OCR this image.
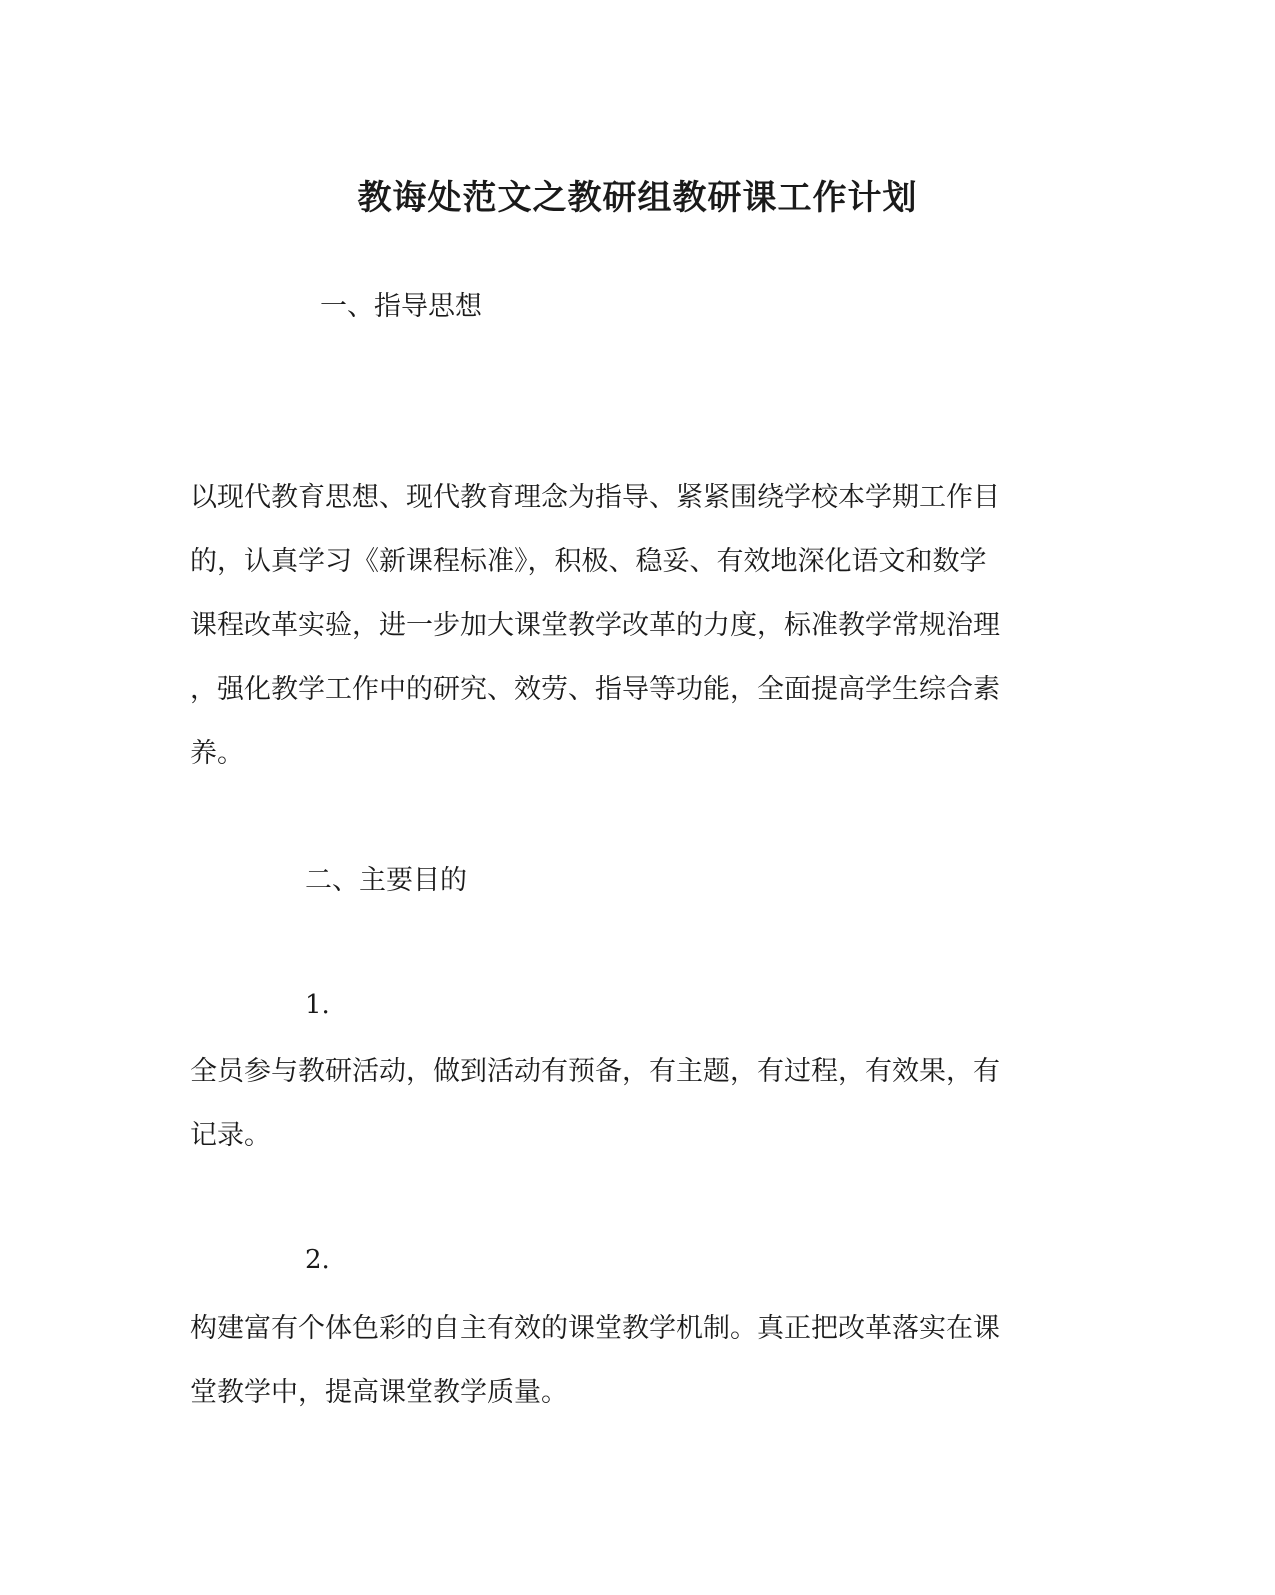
教诲处范文之教研组教研课工作计划

一、指导思想

以现代教育思想、现代教育理念为指导、紧紧围绕学校本学期工作目
的，认真学习《新课程标准》，积极、稳妥、有效地深化语文和数学
课程改革实验，进一步加大课堂教学改革的力度，标准教学常规治理
，强化教学工作中的研究、效劳、指导等功能，全面提高学生综合素
养。

二、主要目的

1.

全员参与教研活动，做到活动有预备，有主题，有过程，有效果，有
记录。

2.

构建富有个体色彩的自主有效的课堂教学机制。真正把改革落实在课
堂教学中，提高课堂教学质量。
